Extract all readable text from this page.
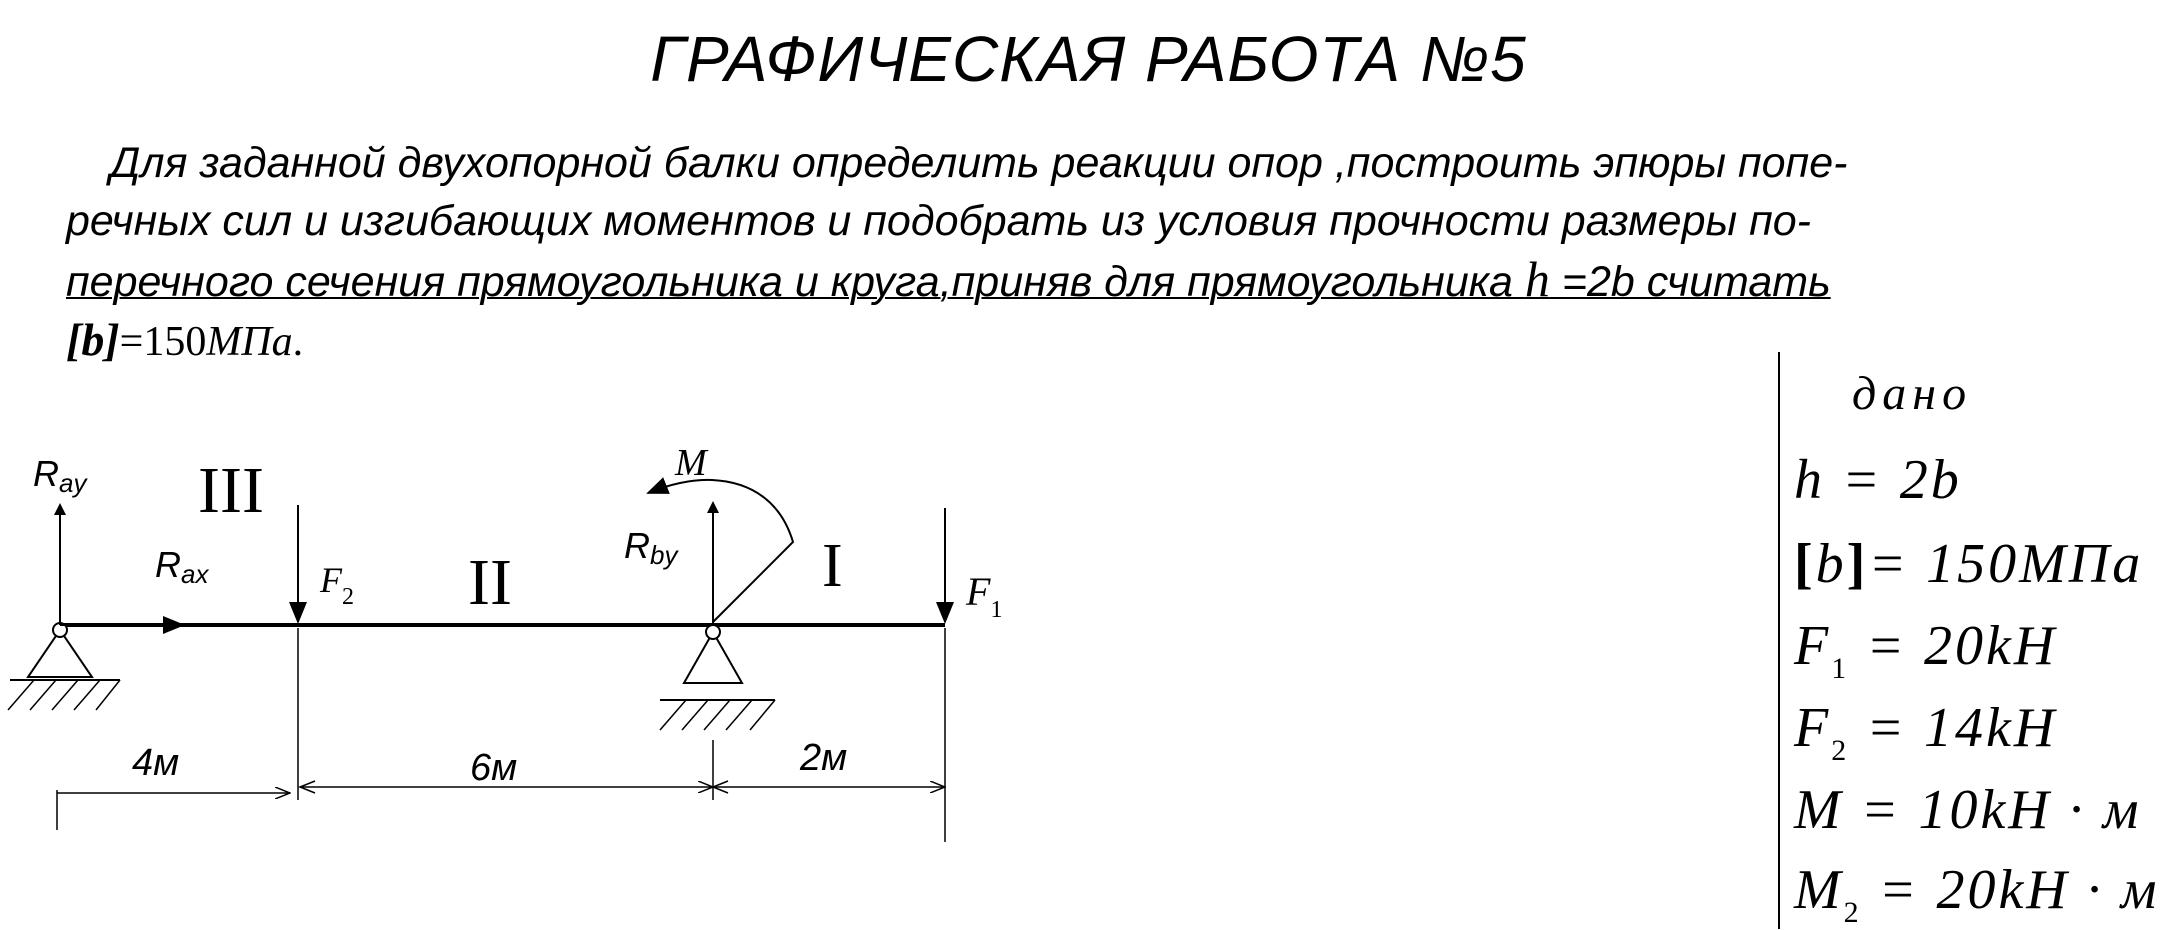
ГРАФИЧЕСКАЯ РАБОТА №5
Для заданной двухопорной балки определить реакции опор ,построить эпюры попе-
речных сил и изгибающих моментов и подобрать из условия прочности размеры по-
перечного сечения прямоугольника и круга,приняв для прямоугольника h =2b считать
[b]=150МПа.
Ray
Rax	$F_2$
III
II	I
Rby
M
$F_1$
4м	6м	2м
дано
h = 2b
[b]= 150МПа
$F_1 = 20kH$
$F_2 = 14kH$
M = 10kH · м
$M_2 = 20kH \cdot м$
